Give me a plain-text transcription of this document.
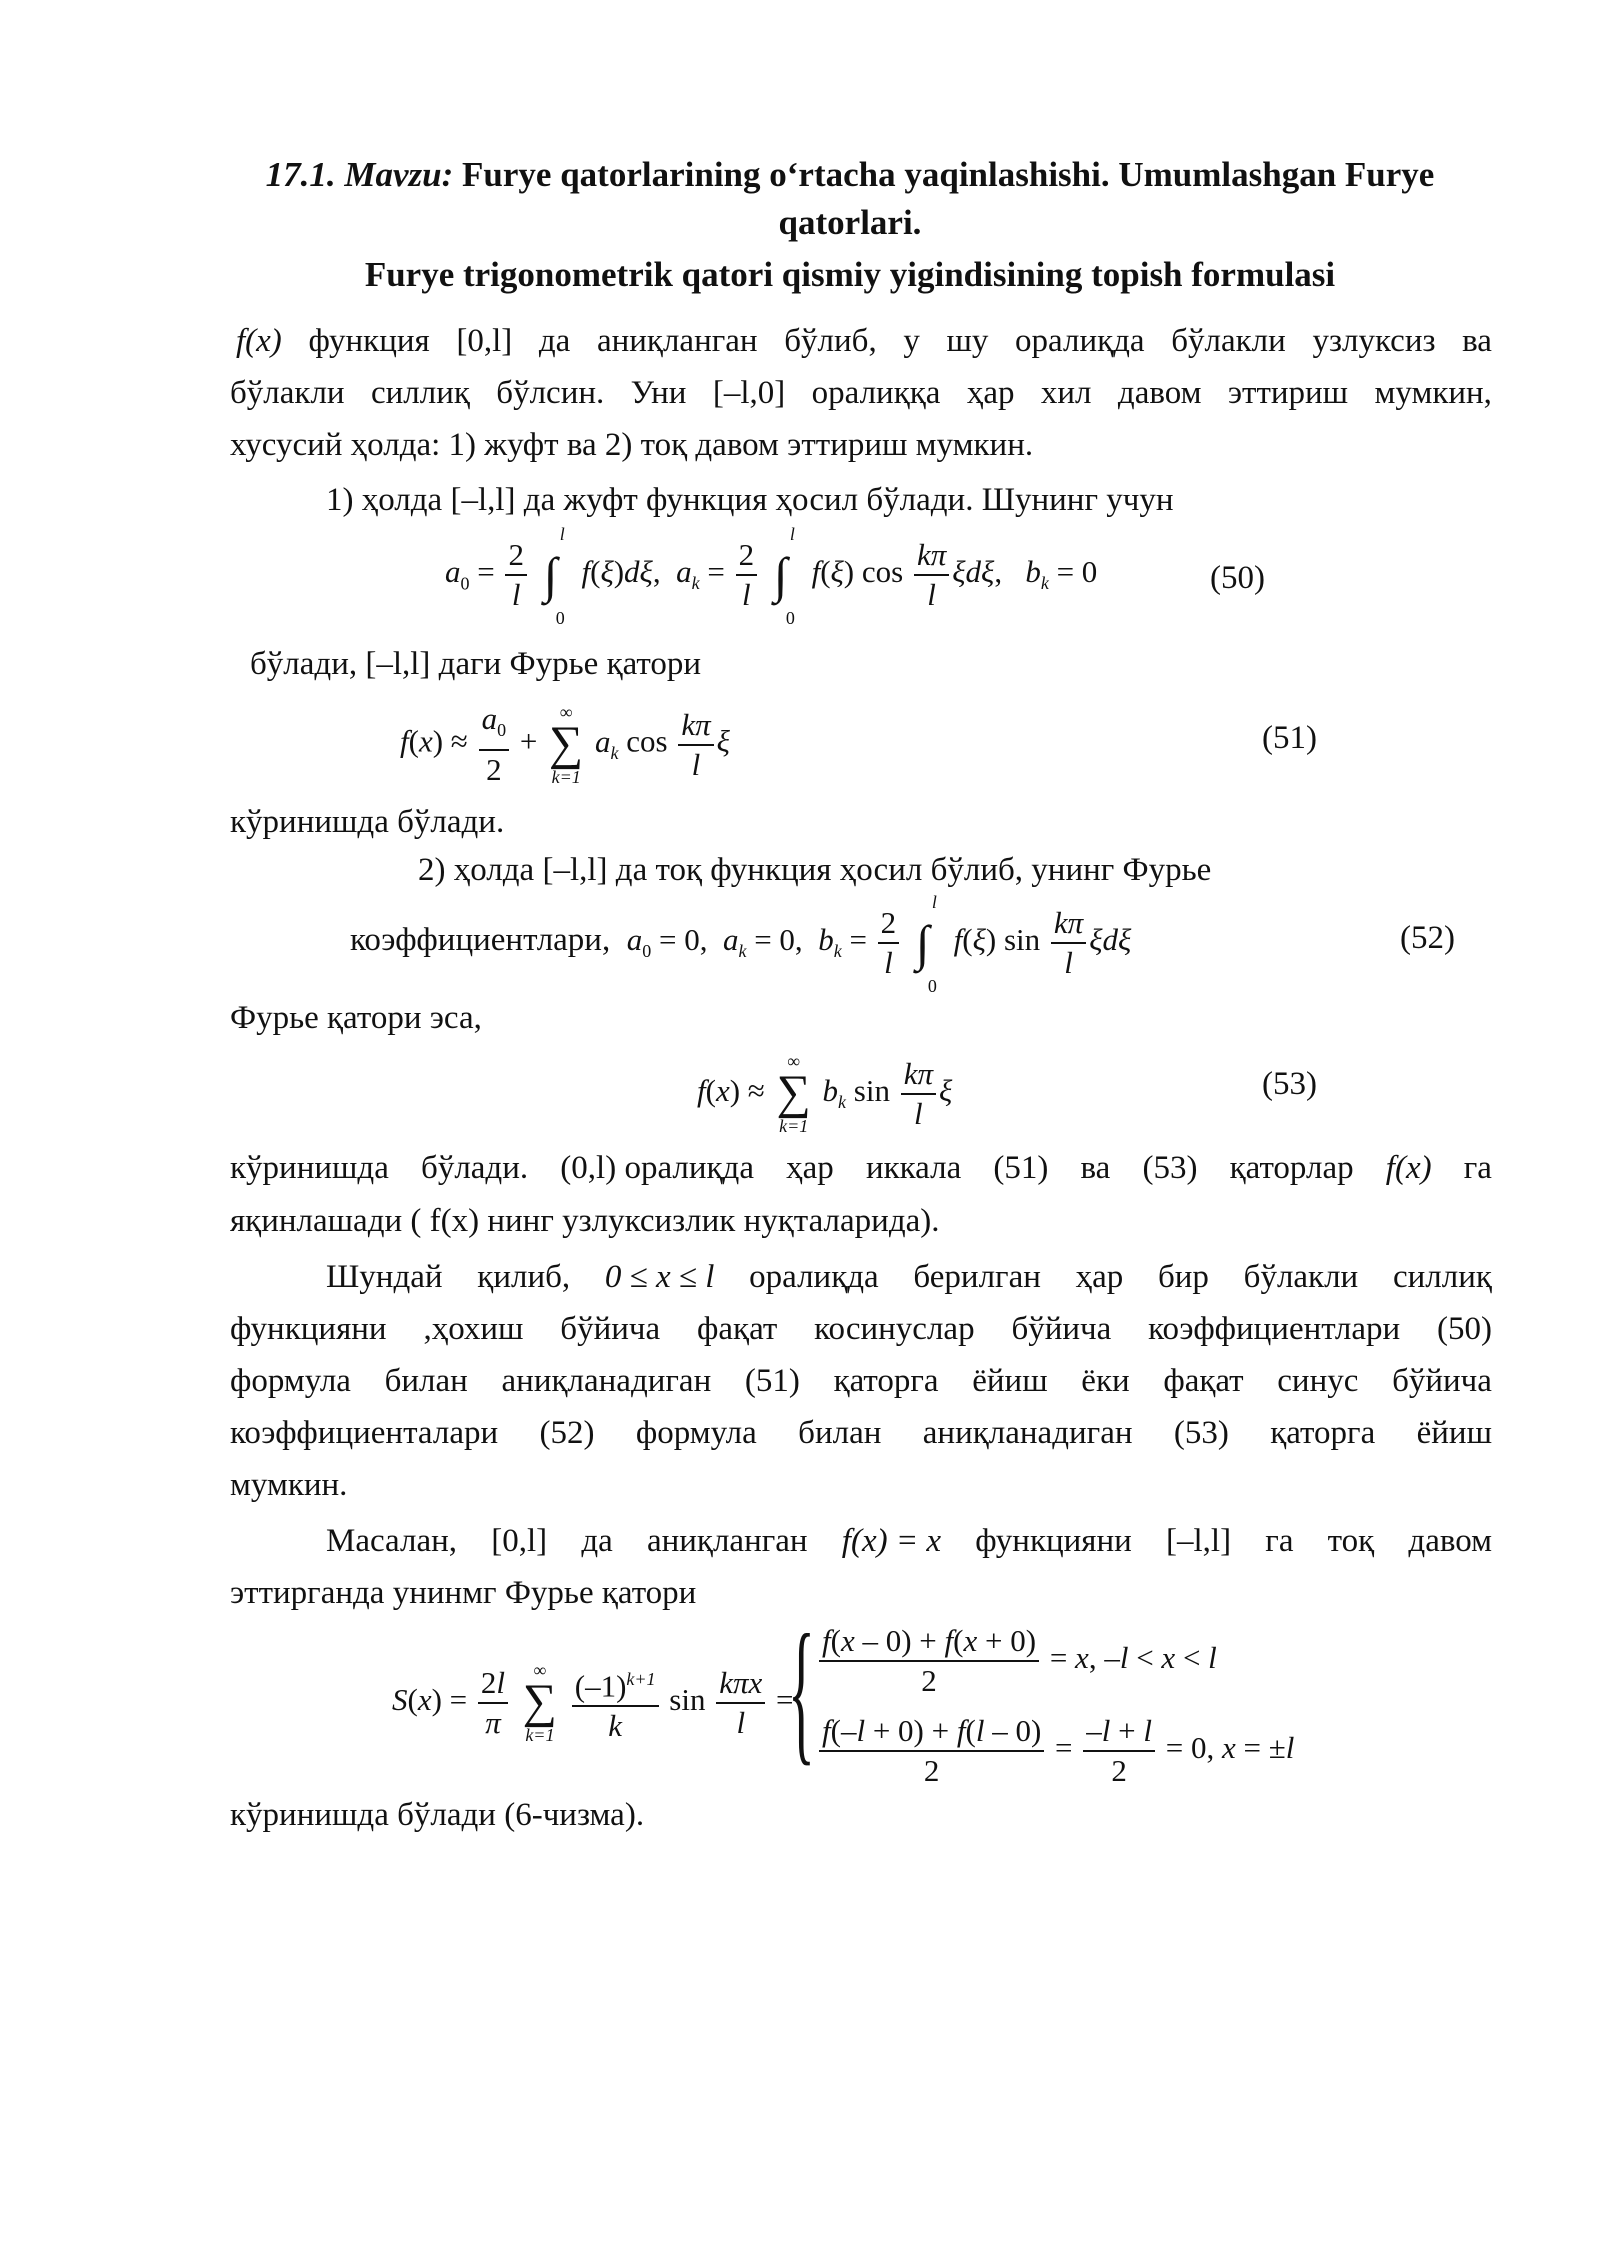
17.1. Mavzu: Furye qatorlarining o‘rtacha yaqinlashishi. Umumlashgan Furye
qatorlari.
Furye trigonometrik qatori qismiy yigindisining topish formulasi
f(x) функция [0,l] да аниқланган бўлиб, у шу оралиқда бўлакли узлуксиз ва
бўлакли силлиқ бўлсин. Уни [–l,0] оралиққа ҳар хил давом эттириш мумкин,
хусусий ҳолда: 1) жуфт ва 2) тоқ давом эттириш мумкин.
1) ҳолда [–l,l] да жуфт функция ҳосил бўлади. Шунинг учун
$a_0 = \frac{2}{l}$
∫
l
0
f(ξ)dξ,  $a_k = \frac{2}{l}$
∫
l
0
f(ξ) $\cos \frac{k\pi}{l} \xi d\xi$,   $b_k = 0$	(50)
бўлади, [–l,l] даги Фурье қатори
$f(x) \approx \frac{a_0}{2}$ +
∞
∑
k=1
$a_k$ $\cos \frac{k\pi}{l}$ ξ	(51)
кўринишда бўлади.
2) ҳолда [–l,l] да тоқ функция ҳосил бўлиб, унинг Фурье
коэффициентлари, $a_0 = 0$,  $a_k = 0$,  $b_k = \frac{2}{l}$
∫
l
0
f(ξ) $\sin \frac{k\pi}{l}$ ξdξ	(52)
Фурье қатори эса,
f(x) ≈
∞
∑
k=1
$b_k$ $\sin \frac{k\pi}{l}$ ξ	(53)
кўринишда бўлади. (0,l) оралиқда ҳар иккала (51) ва (53) қаторлар f(x) га
яқинлашади ( f(x) нинг узлуксизлик нуқталарида).
Шундай қилиб, 0 ≤ x ≤ l оралиқда берилган ҳар бир бўлакли силлиқ
функцияни ,ҳохиш бўйича фақат косинуслар бўйича коэффициентлари (50)
формула билан аниқланадиган (51) қаторга ёйиш ёки фақат синус бўйича
коэффициенталари (52) формула билан аниқланадиган (53) қаторга ёйиш
мумкин.
Масалан, [0,l] да аниқланган f(x) = x функцияни [–l,l] га тоқ давом
эттирганда унинмг Фурье қатори
$S(x) = \frac{2l}{\pi}$
	∞
∑
k=1
$\frac{(-1)^{k+1}}{k}$ $\sin \frac{\text{kπx}}{l}$ =
{ $\frac{f(x - 0) + f(x + 0)}{2} = x$, –l < x < l
$\frac{f(-l + 0) + f(l - 0)}{2} = \frac{-l + l}{2} = 0$, x = ±l
кўринишда бўлади (6-чизма).
